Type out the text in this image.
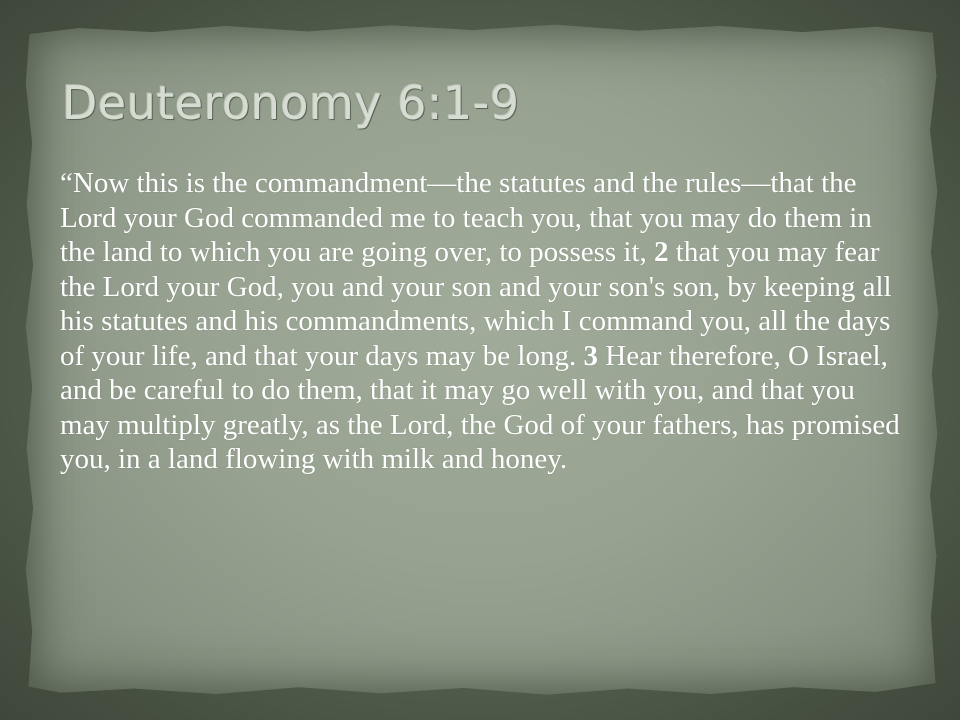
Deuteronomy 6:1-9

“Now this is the commandment—the statutes and the rules—that the Lord your God commanded me to teach you, that you may do them in the land to which you are going over, to possess it, 2 that you may fear the Lord your God, you and your son and your son's son, by keeping all his statutes and his commandments, which I command you, all the days of your life, and that your days may be long. 3 Hear therefore, O Israel, and be careful to do them, that it may go well with you, and that you may multiply greatly, as the Lord, the God of your fathers, has promised you, in a land flowing with milk and honey.
